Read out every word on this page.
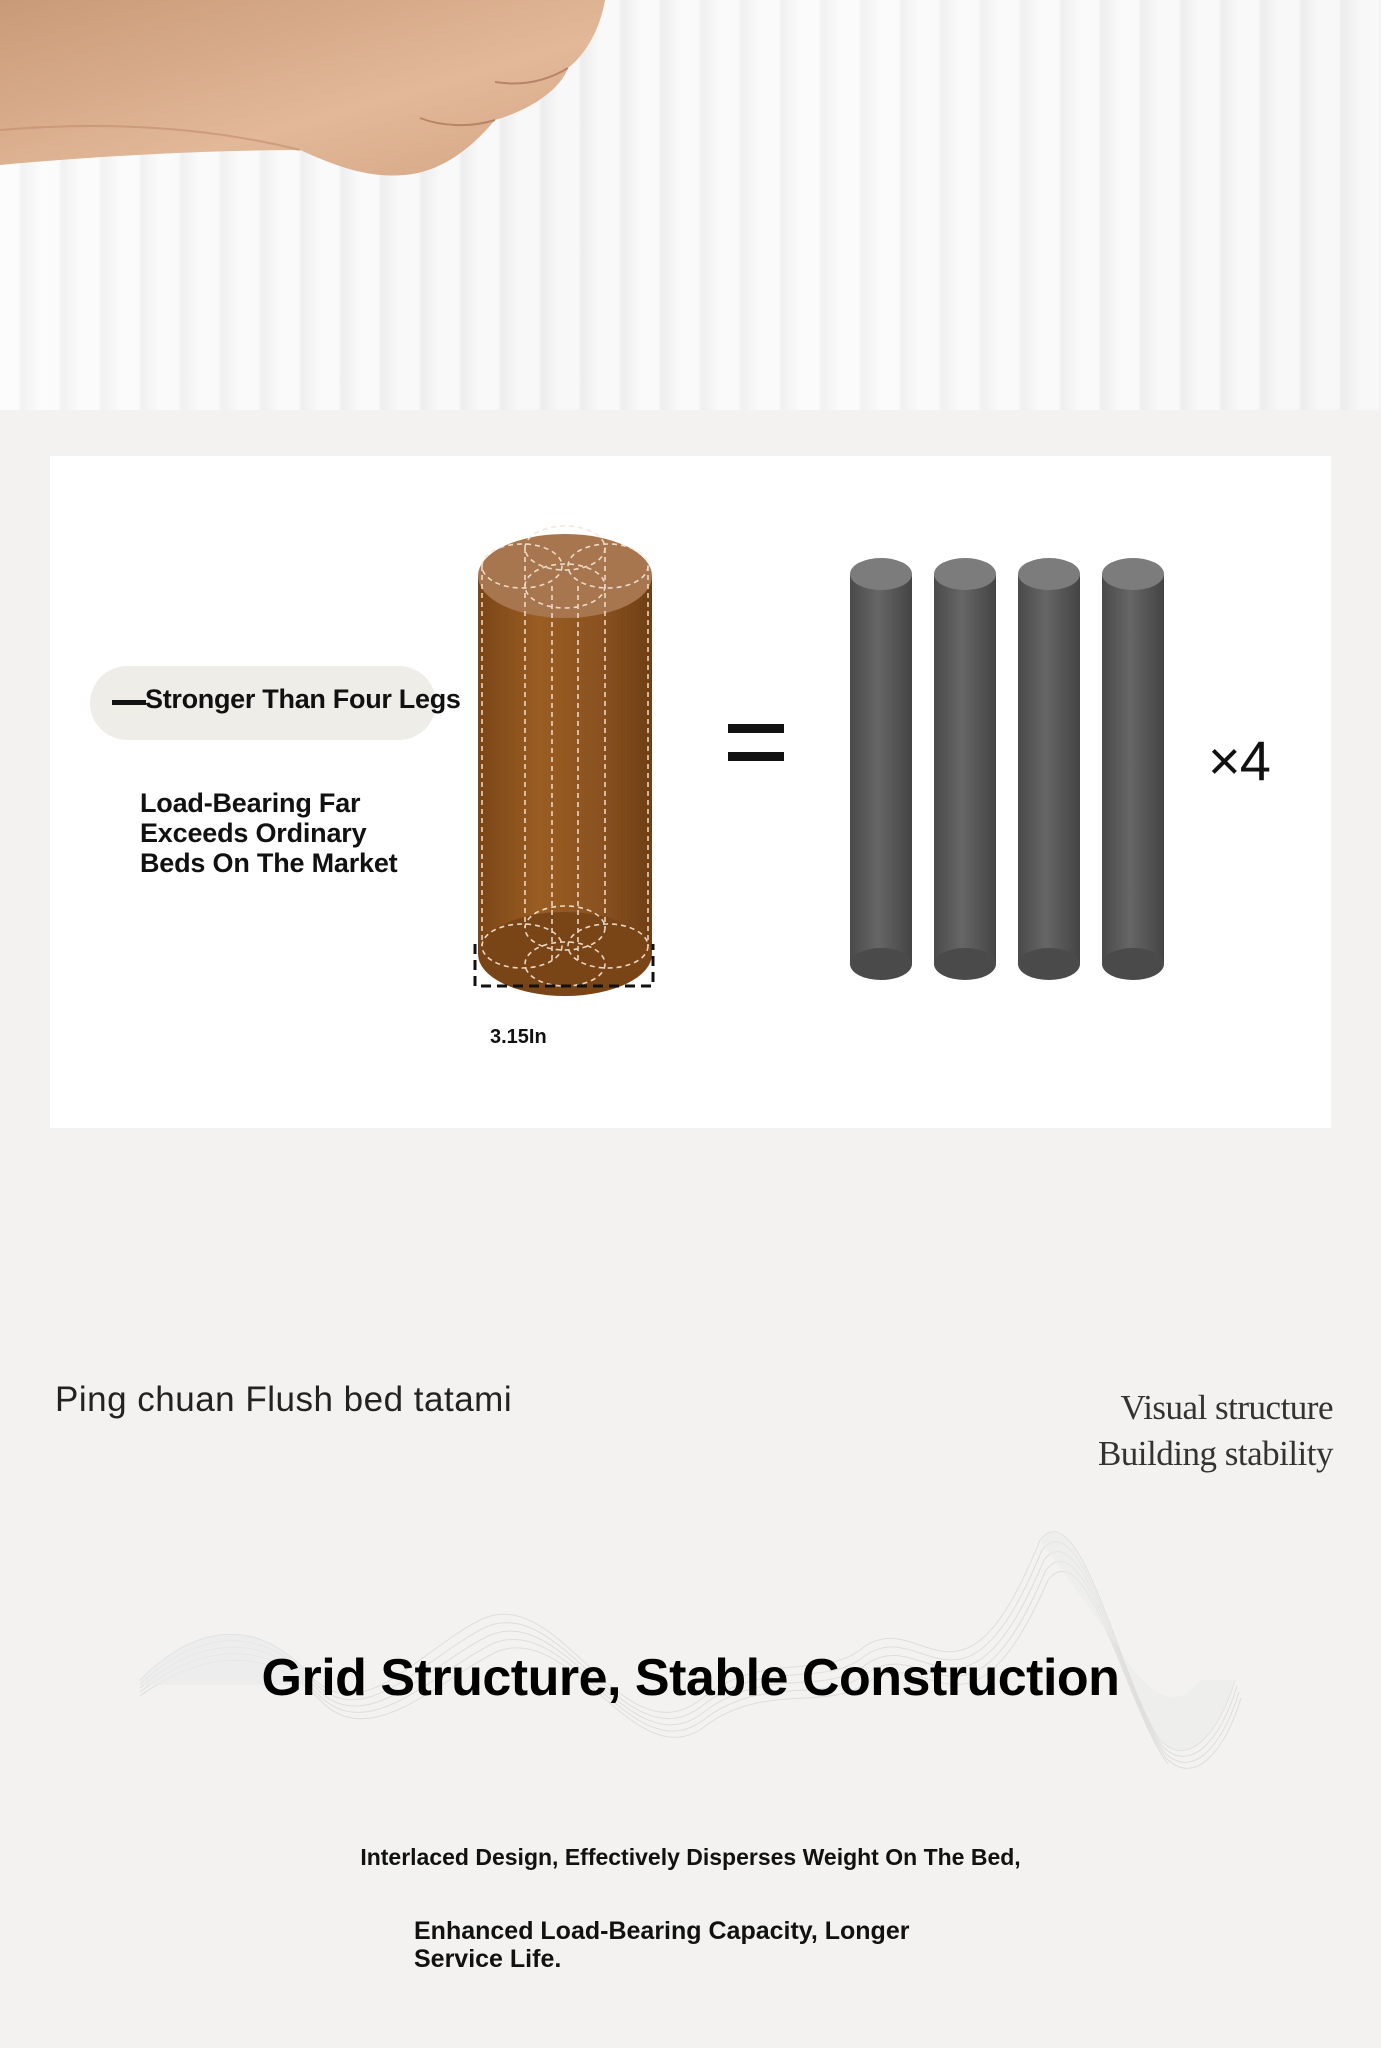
Stronger Than Four Legs
Load-Bearing Far Exceeds Ordinary Beds On The Market
3.15In
×4
Ping chuan Flush bed tatami	Visual structure
Building stability
Grid Structure, Stable Construction
Interlaced Design, Effectively Disperses Weight On The Bed,
Enhanced Load-Bearing Capacity, Longer Service Life.
